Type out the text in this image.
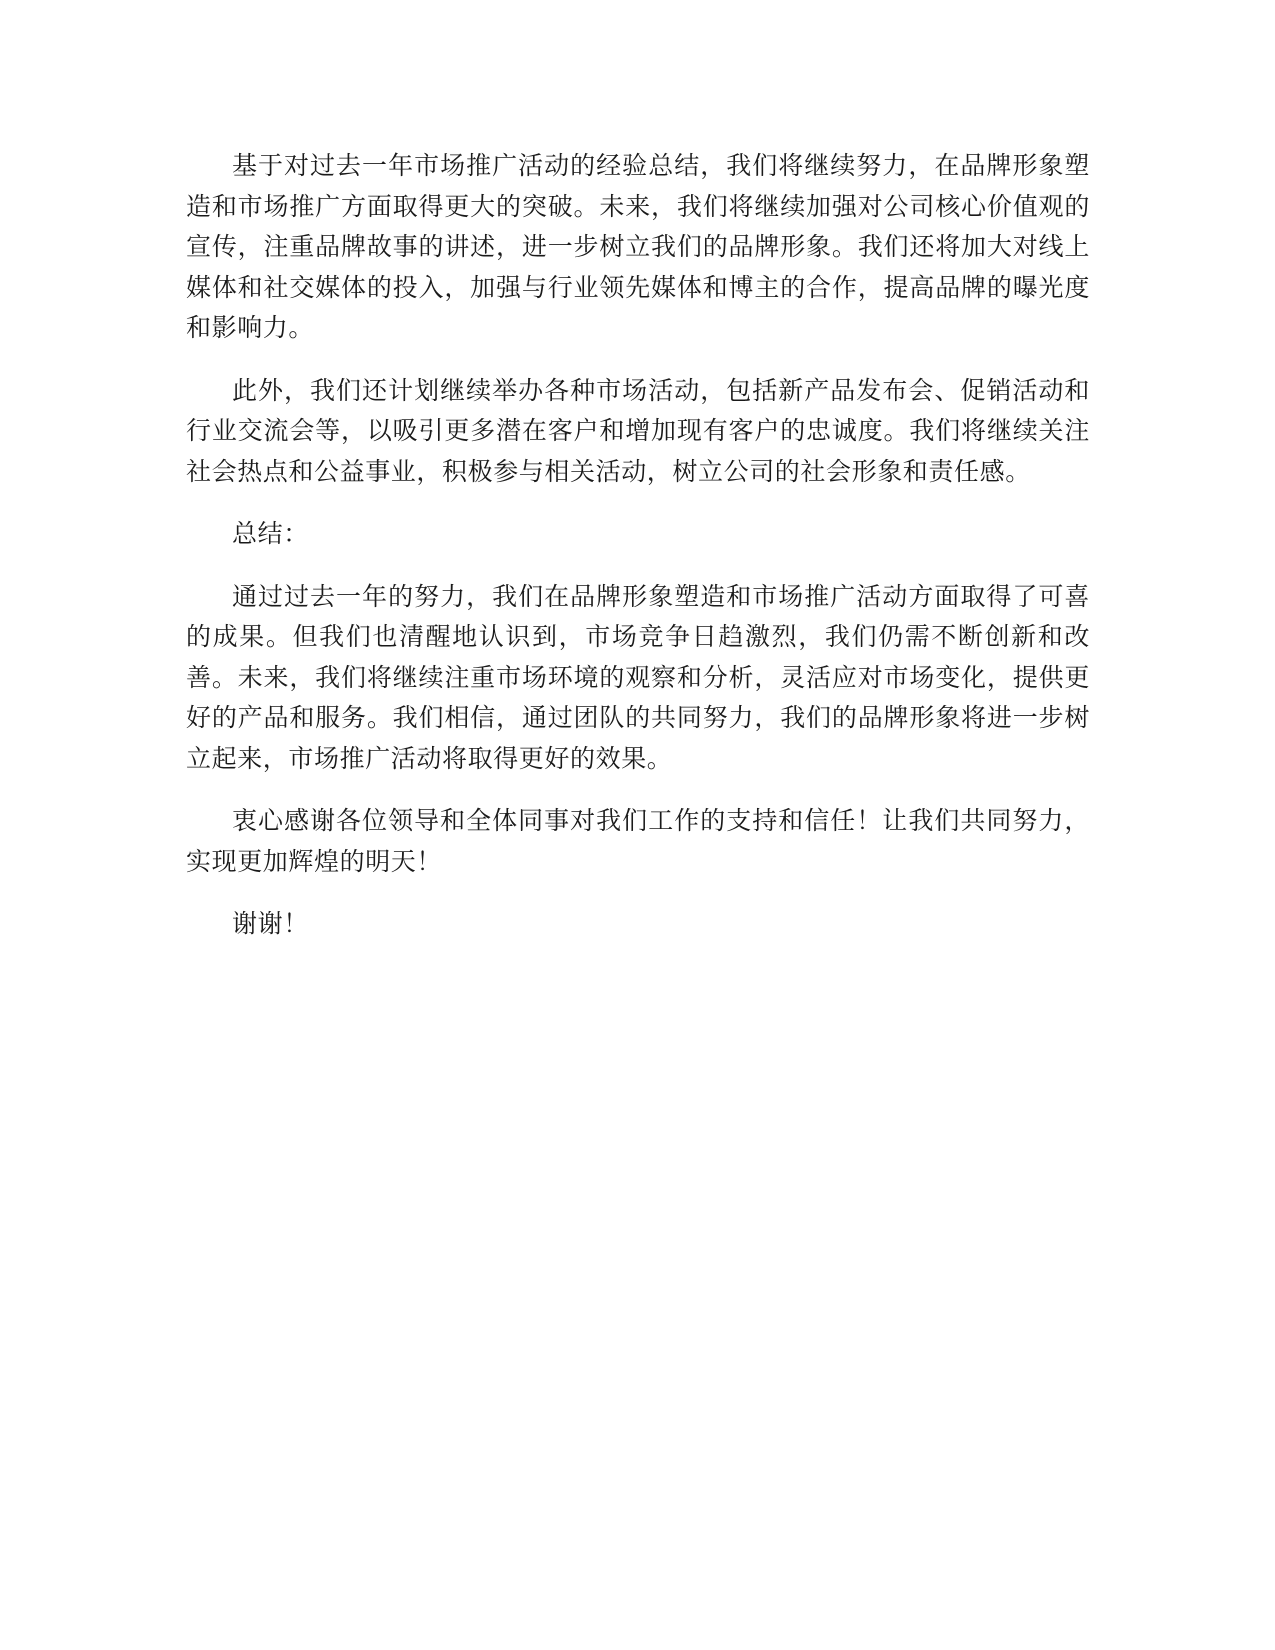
基于对过去一年市场推广活动的经验总结，我们将继续努力，在品牌形象塑造和市场推广方面取得更大的突破。未来，我们将继续加强对公司核心价值观的宣传，注重品牌故事的讲述，进一步树立我们的品牌形象。我们还将加大对线上媒体和社交媒体的投入，加强与行业领先媒体和博主的合作，提高品牌的曝光度和影响力。

此外，我们还计划继续举办各种市场活动，包括新产品发布会、促销活动和行业交流会等，以吸引更多潜在客户和增加现有客户的忠诚度。我们将继续关注社会热点和公益事业，积极参与相关活动，树立公司的社会形象和责任感。

总结：

通过过去一年的努力，我们在品牌形象塑造和市场推广活动方面取得了可喜的成果。但我们也清醒地认识到，市场竞争日趋激烈，我们仍需不断创新和改善。未来，我们将继续注重市场环境的观察和分析，灵活应对市场变化，提供更好的产品和服务。我们相信，通过团队的共同努力，我们的品牌形象将进一步树立起来，市场推广活动将取得更好的效果。

衷心感谢各位领导和全体同事对我们工作的支持和信任！让我们共同努力，实现更加辉煌的明天！

谢谢！
